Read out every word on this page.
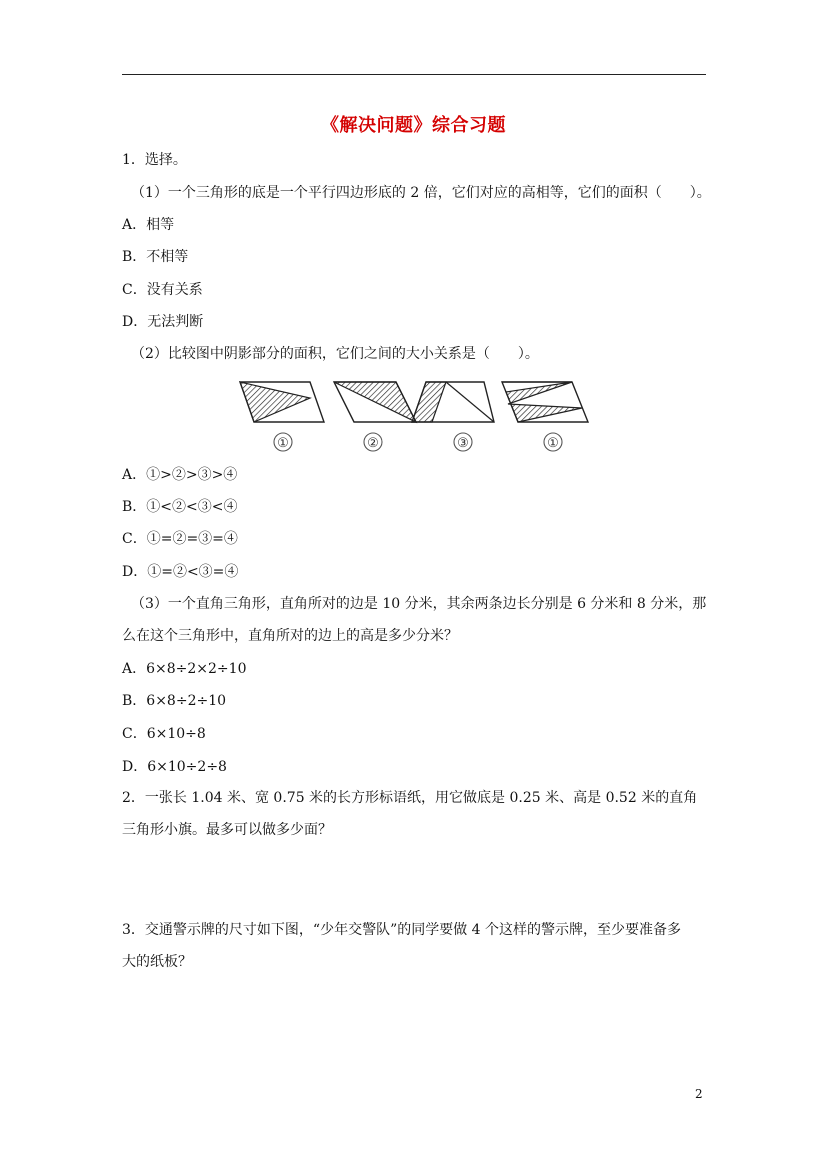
《解决问题》综合习题
1．选择。
（1）一个三角形的底是一个平行四边形底的 2 倍，它们对应的高相等，它们的面积（　　）。
A．相等
B．不相等
C．没有关系
D．无法判断
（2）比较图中阴影部分的面积，它们之间的大小关系是（　　）。
①	②	③	①
A．①>②>③>④
B．①<②<③<④
C．①=②=③=④
D．①=②<③=④
（3）一个直角三角形，直角所对的边是 10 分米，其余两条边长分别是 6 分米和 8 分米，那
么在这个三角形中，直角所对的边上的高是多少分米？
A．6×8÷2×2÷10
B．6×8÷2÷10
C．6×10÷8
D．6×10÷2÷8
2．一张长 1.04 米、宽 0.75 米的长方形标语纸，用它做底是 0.25 米、高是 0.52 米的直角
三角形小旗。最多可以做多少面？
3．交通警示牌的尺寸如下图，“少年交警队”的同学要做 4 个这样的警示牌，至少要准备多
大的纸板？
2
